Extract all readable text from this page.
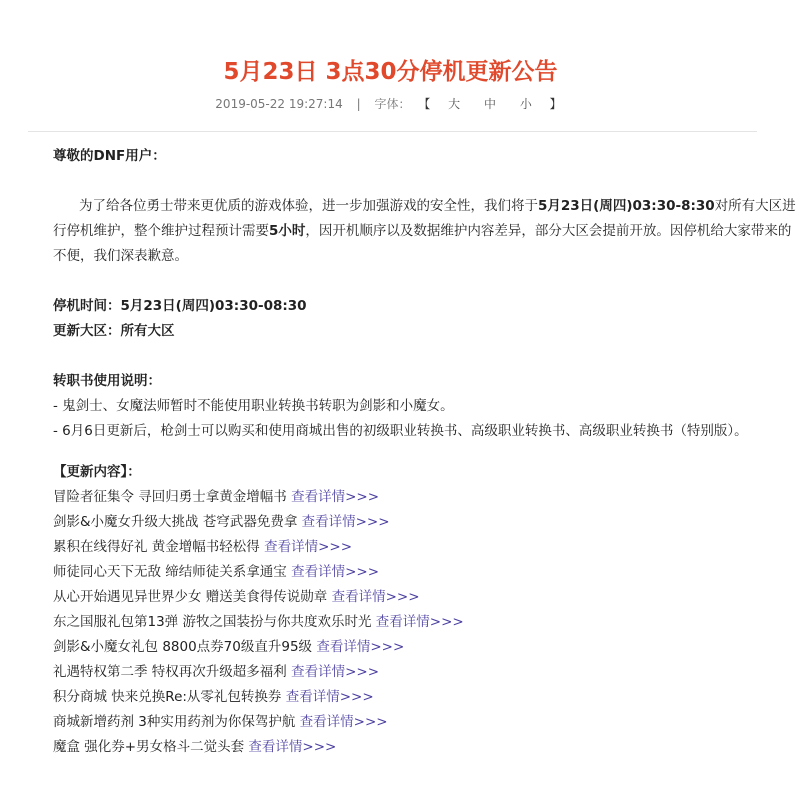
5月23日 3点30分停机更新公告
2019-05-22 19:27:14 | 字体： 【 大 中 小 】

尊敬的DNF用户：

为了给各位勇士带来更优质的游戏体验，进一步加强游戏的安全性，我们将于5月23日(周四)03:30-8:30对所有大区进行停机维护，整个维护过程预计需要5小时，因开机顺序以及数据维护内容差异，部分大区会提前开放。因停机给大家带来的不便，我们深表歉意。

停机时间：5月23日(周四)03:30-08:30

更新大区：所有大区

转职书使用说明：

- 鬼剑士、女魔法师暂时不能使用职业转换书转职为剑影和小魔女。

- 6月6日更新后，枪剑士可以购买和使用商城出售的初级职业转换书、高级职业转换书、高级职业转换书（特别版）。

【更新内容】：

冒险者征集令 寻回归勇士拿黄金增幅书 查看详情>>>

剑影&小魔女升级大挑战 苍穹武器免费拿 查看详情>>>

累积在线得好礼 黄金增幅书轻松得 查看详情>>>

师徒同心天下无敌 缔结师徒关系拿通宝 查看详情>>>

从心开始遇见异世界少女 赠送美食得传说勋章 查看详情>>>

东之国服礼包第13弹 游牧之国装扮与你共度欢乐时光 查看详情>>>

剑影&小魔女礼包 8800点券70级直升95级 查看详情>>>

礼遇特权第二季 特权再次升级超多福利 查看详情>>>

积分商城 快来兑换Re:从零礼包转换券 查看详情>>>

商城新增药剂 3种实用药剂为你保驾护航 查看详情>>>

魔盒 强化券+男女格斗二觉头套 查看详情>>>
